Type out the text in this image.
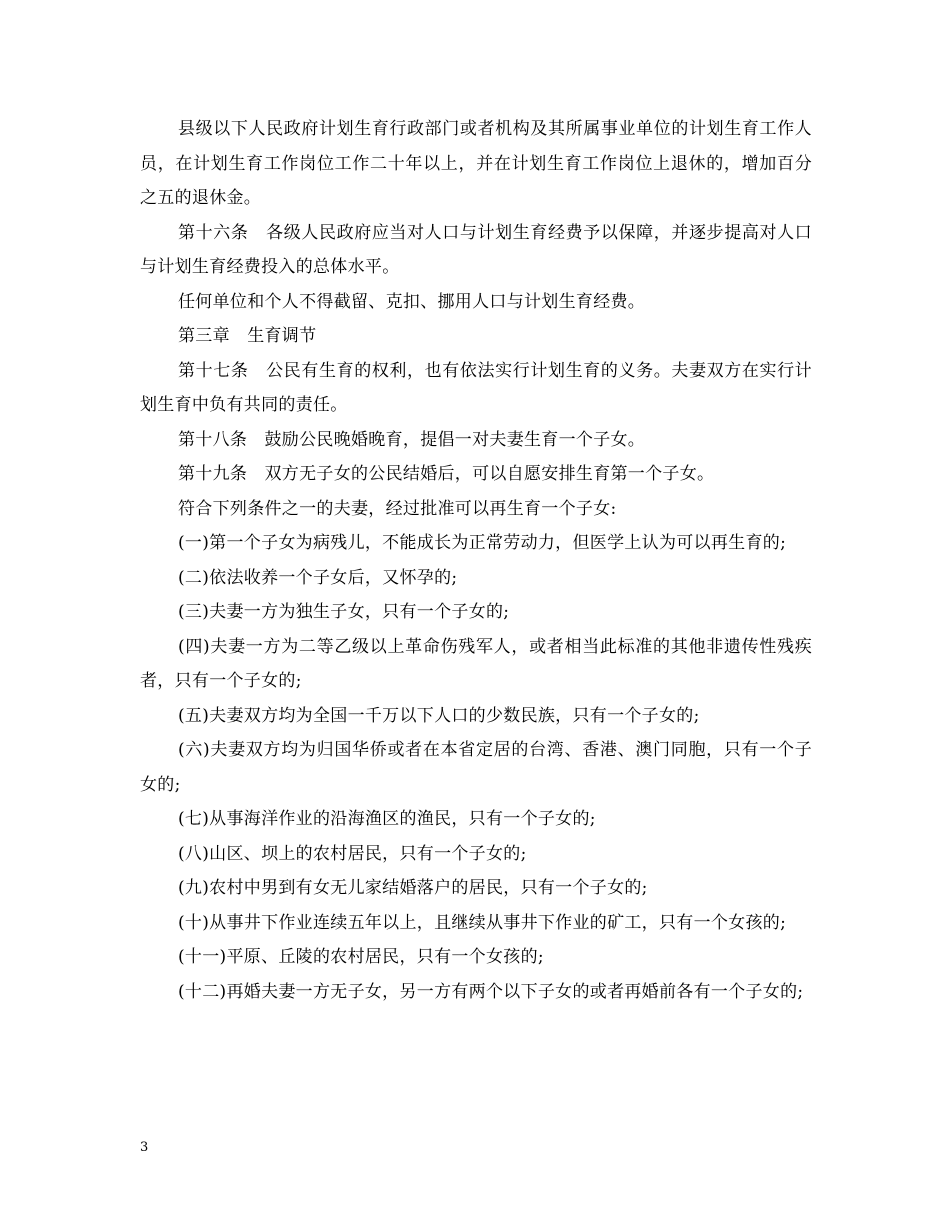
县级以下人民政府计划生育行政部门或者机构及其所属事业单位的计划生育工作人员，在计划生育工作岗位工作二十年以上，并在计划生育工作岗位上退休的，增加百分之五的退休金。

第十六条　各级人民政府应当对人口与计划生育经费予以保障，并逐步提高对人口与计划生育经费投入的总体水平。

任何单位和个人不得截留、克扣、挪用人口与计划生育经费。

第三章　生育调节

第十七条　公民有生育的权利，也有依法实行计划生育的义务。夫妻双方在实行计划生育中负有共同的责任。

第十八条　鼓励公民晚婚晚育，提倡一对夫妻生育一个子女。

第十九条　双方无子女的公民结婚后，可以自愿安排生育第一个子女。

符合下列条件之一的夫妻，经过批准可以再生育一个子女:

(一)第一个子女为病残儿，不能成长为正常劳动力，但医学上认为可以再生育的;

(二)依法收养一个子女后，又怀孕的;

(三)夫妻一方为独生子女，只有一个子女的;

(四)夫妻一方为二等乙级以上革命伤残军人，或者相当此标准的其他非遗传性残疾者，只有一个子女的;

(五)夫妻双方均为全国一千万以下人口的少数民族，只有一个子女的;

(六)夫妻双方均为归国华侨或者在本省定居的台湾、香港、澳门同胞，只有一个子女的;

(七)从事海洋作业的沿海渔区的渔民，只有一个子女的;

(八)山区、坝上的农村居民，只有一个子女的;

(九)农村中男到有女无儿家结婚落户的居民，只有一个子女的;

(十)从事井下作业连续五年以上，且继续从事井下作业的矿工，只有一个女孩的;

(十一)平原、丘陵的农村居民，只有一个女孩的;

(十二)再婚夫妻一方无子女，另一方有两个以下子女的或者再婚前各有一个子女的;

3
